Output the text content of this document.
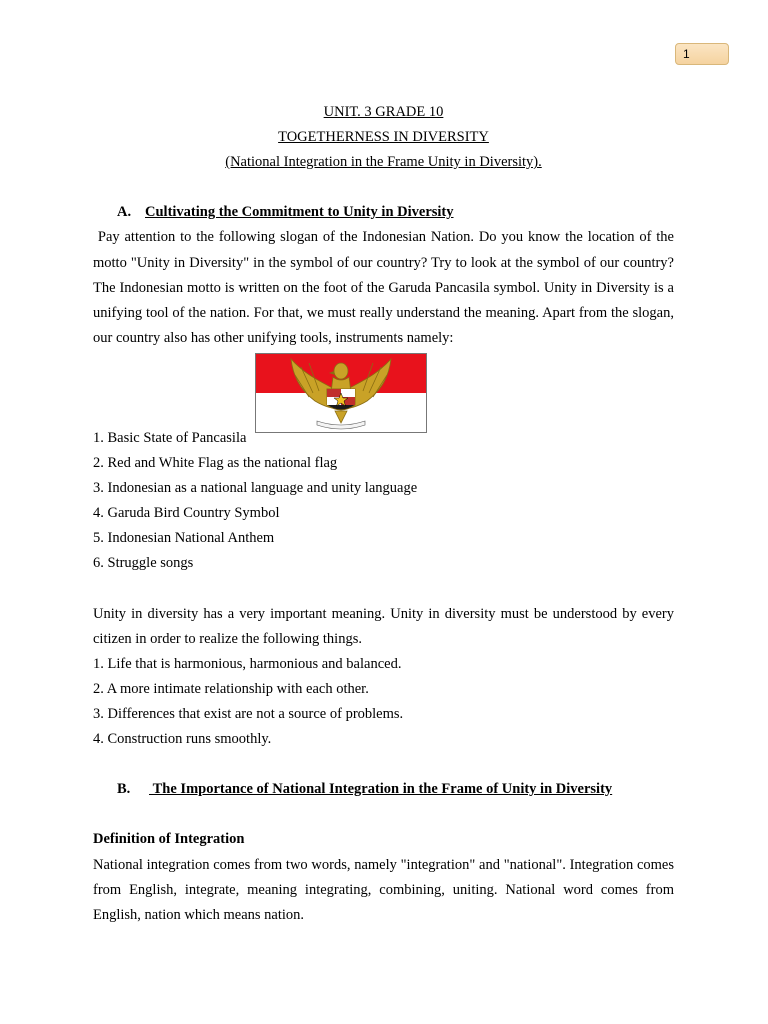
1
UNIT. 3 GRADE 10
TOGETHERNESS IN DIVERSITY
(National Integration in the Frame Unity in Diversity).
A. Cultivating the Commitment to Unity in Diversity
Pay attention to the following slogan of the Indonesian Nation. Do you know the location of the motto "Unity in Diversity" in the symbol of our country? Try to look at the symbol of our country? The Indonesian motto is written on the foot of the Garuda Pancasila symbol. Unity in Diversity is a unifying tool of the nation. For that, we must really understand the meaning. Apart from the slogan, our country also has other unifying tools, instruments namely:
1. Basic State of Pancasila
2. Red and White Flag as the national flag
3. Indonesian as a national language and unity language
4. Garuda Bird Country Symbol
5. Indonesian National Anthem
6. Struggle songs
Unity in diversity has a very important meaning. Unity in diversity must be understood by every citizen in order to realize the following things.
1. Life that is harmonious, harmonious and balanced.
2. A more intimate relationship with each other.
3. Differences that exist are not a source of problems.
4. Construction runs smoothly.
B. The Importance of National Integration in the Frame of Unity in Diversity
Definition of Integration
National integration comes from two words, namely "integration" and "national". Integration comes from English, integrate, meaning integrating, combining, uniting. National word comes from English, nation which means nation.
